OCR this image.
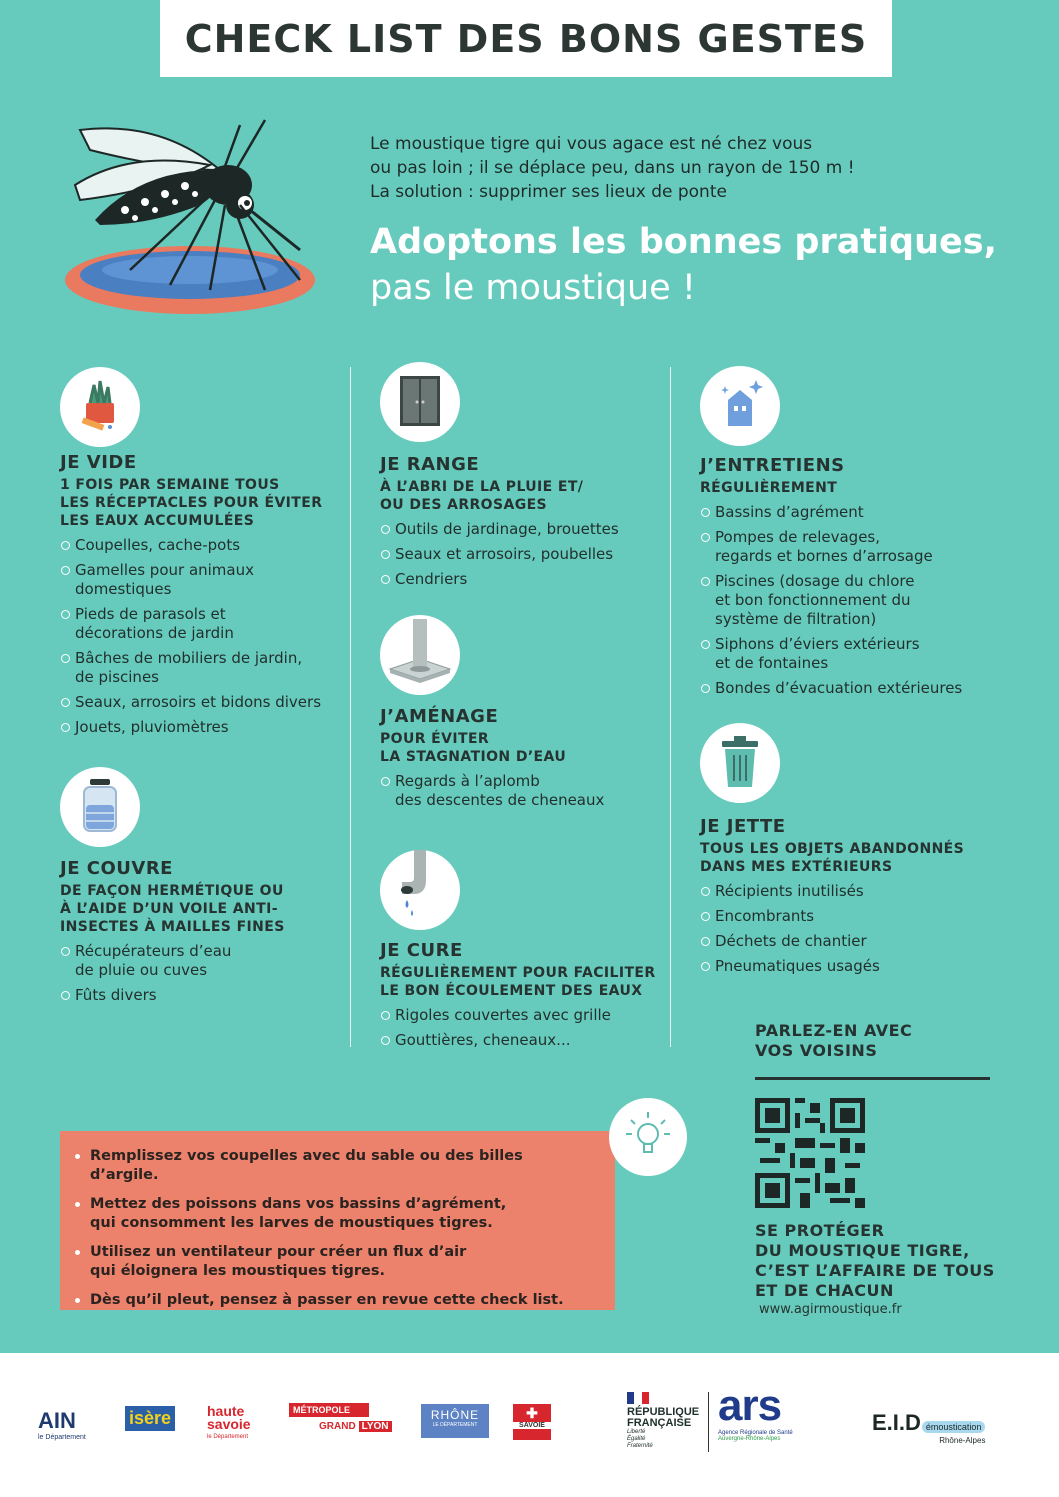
CHECK LIST DES BONS GESTES
Le moustique tigre qui vous agace est né chez vous
ou pas loin ; il se déplace peu, dans un rayon de 150 m !
La solution : supprimer ses lieux de ponte
Adoptons les bonnes pratiques,
pas le moustique !
JE VIDE
1 FOIS PAR SEMAINE TOUS
LES RÉCEPTACLES POUR ÉVITER
LES EAUX ACCUMULÉES
Coupelles, cache-pots
Gamelles pour animaux
domestiques
Pieds de parasols et
décorations de jardin
Bâches de mobiliers de jardin,
de piscines
Seaux, arrosoirs et bidons divers
Jouets, pluviomètres
JE COUVRE
DE FAÇON HERMÉTIQUE OU
À L’AIDE D’UN VOILE ANTI-
INSECTES À MAILLES FINES
Récupérateurs d’eau
de pluie ou cuves
Fûts divers
JE RANGE
À L’ABRI DE LA PLUIE ET/
OU DES ARROSAGES
Outils de jardinage, brouettes
Seaux et arrosoirs, poubelles
Cendriers
J’AMÉNAGE
POUR ÉVITER
LA STAGNATION D’EAU
Regards à l’aplomb
des descentes de cheneaux
JE CURE
RÉGULIÈREMENT POUR FACILITER
LE BON ÉCOULEMENT DES EAUX
Rigoles couvertes avec grille
Gouttières, cheneaux...
J’ENTRETIENS
RÉGULIÈREMENT
Bassins d’agrément
Pompes de relevages,
regards et bornes d’arrosage
Piscines (dosage du chlore
et bon fonctionnement du
système de filtration)
Siphons d’éviers extérieurs
et de fontaines
Bondes d’évacuation extérieures
JE JETTE
TOUS LES OBJETS ABANDONNÉS
DANS MES EXTÉRIEURS
Récipients inutilisés
Encombrants
Déchets de chantier
Pneumatiques usagés
Remplissez vos coupelles avec du sable ou des billes d’argile.
Mettez des poissons dans vos bassins d’agrément,
qui consomment les larves de moustiques tigres.
Utilisez un ventilateur pour créer un flux d’air
qui éloignera les moustiques tigres.
Dès qu’il pleut, pensez à passer en revue cette check list.
PARLEZ-EN AVEC
VOS VOISINS
SE PROTÉGER
DU MOUSTIQUE TIGRE,
C’EST L’AFFAIRE DE TOUS
ET DE CHACUN
www.agirmoustique.fr
AIN
le Département
isère	haute
savoie
le Département
MÉTROPOLE
GRAND LYON
RHÔNE
LE DÉPARTEMENT
✚
SAVOIE
RÉPUBLIQUE
FRANÇAISE
Liberté
Égalité
Fraternité
ars
Agence Régionale de Santé
Auvergne-Rhône-Alpes
E.I.D émoustication
Rhône-Alpes
